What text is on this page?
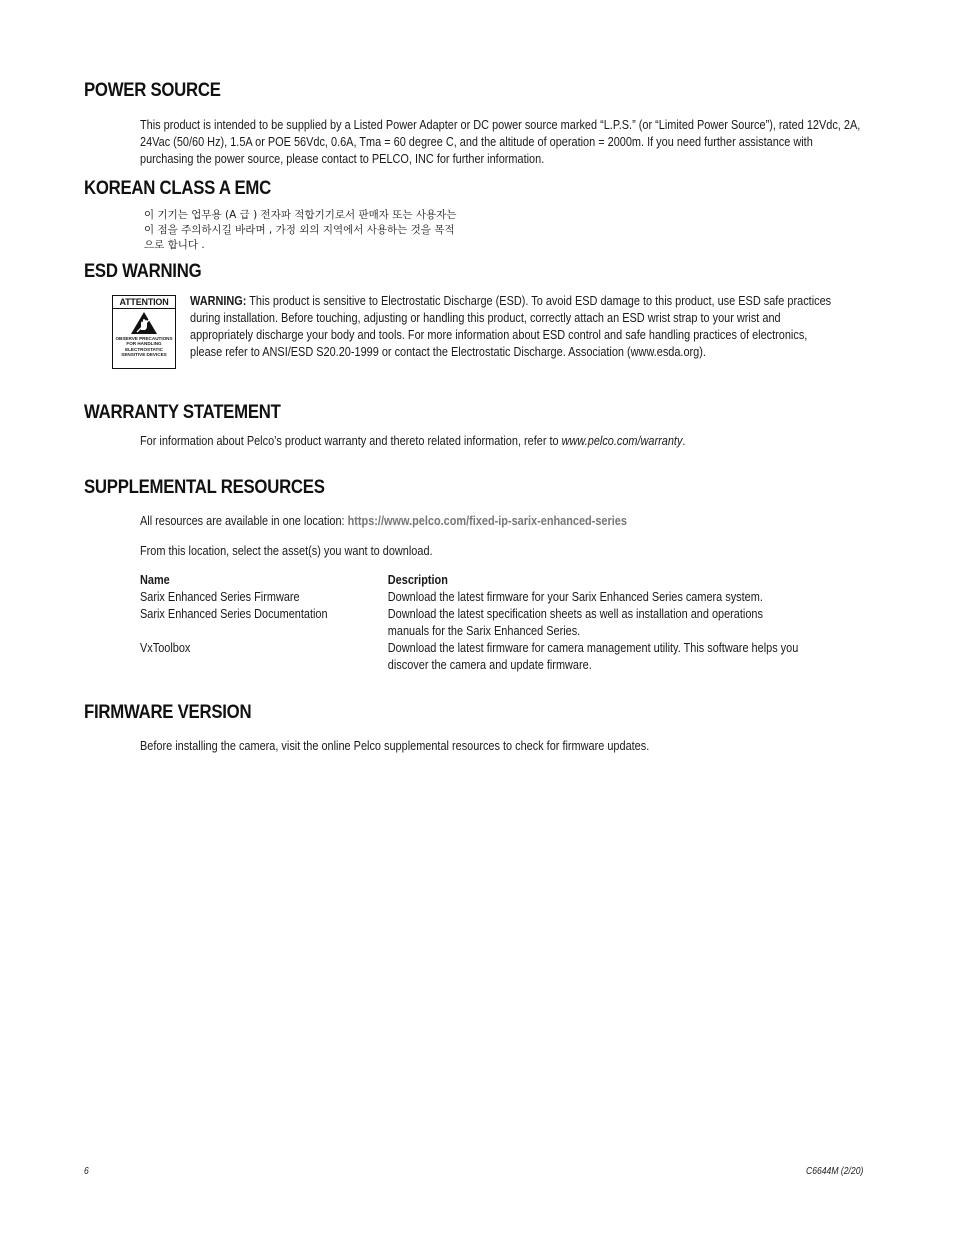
POWER SOURCE
This product is intended to be supplied by a Listed Power Adapter or DC power source marked “L.P.S.” (or “Limited Power Source”), rated 12Vdc, 2A, 24Vac (50/60 Hz), 1.5A or POE 56Vdc, 0.6A, Tma = 60 degree C, and the altitude of operation = 2000m. If you need further assistance with purchasing the power source, please contact to PELCO, INC for further information.
KOREAN CLASS A EMC
이 기기는 업무용 (A 급 ) 전자파 적합기기로서 판매자 또는 사용자는
이 점을 주의하시길 바라며 , 가정 외의 지역에서 사용하는 것을 목적
으로 합니다 .
ESD WARNING
ATTENTION
OBSERVE PRECAUTIONS
FOR HANDLING
ELECTROSTATIC
SENSITIVE DEVICES
WARNING: This product is sensitive to Electrostatic Discharge (ESD). To avoid ESD damage to this product, use ESD safe practices during installation. Before touching, adjusting or handling this product, correctly attach an ESD wrist strap to your wrist and appropriately discharge your body and tools. For more information about ESD control and safe handling practices of electronics, please refer to ANSI/ESD S20.20-1999 or contact the Electrostatic Discharge. Association (www.esda.org).
WARRANTY STATEMENT
For information about Pelco’s product warranty and thereto related information, refer to www.pelco.com/warranty.
SUPPLEMENTAL RESOURCES
All resources are available in one location: https://www.pelco.com/fixed-ip-sarix-enhanced-series
From this location, select the asset(s) you want to download.
Name	Description
Sarix Enhanced Series Firmware	Download the latest firmware for your Sarix Enhanced Series camera system.
Sarix Enhanced Series Documentation	Download the latest specification sheets as well as installation and operations manuals for the Sarix Enhanced Series.
VxToolbox	Download the latest firmware for camera management utility. This software helps you discover the camera and update firmware.
FIRMWARE VERSION
Before installing the camera, visit the online Pelco supplemental resources to check for firmware updates.
6	C6644M (2/20)
